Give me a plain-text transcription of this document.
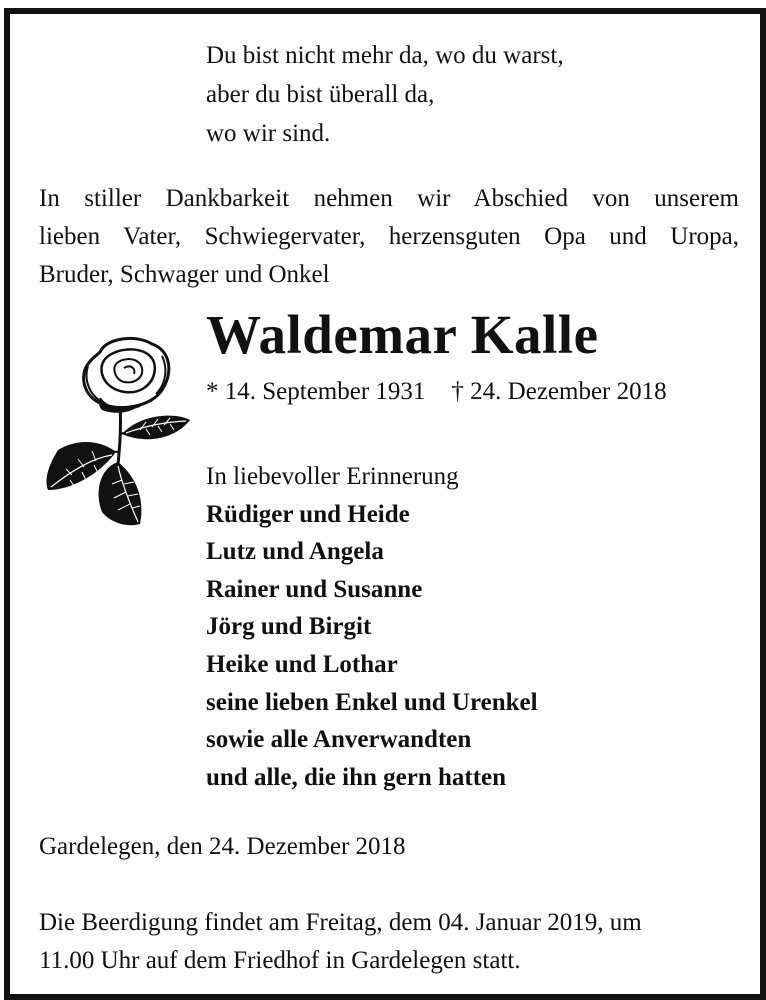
Du bist nicht mehr da, wo du warst,
aber du bist überall da,
wo wir sind.
In stiller Dankbarkeit nehmen wir Abschied von unserem
lieben Vater, Schwiegervater, herzensguten Opa und Uropa,
Bruder, Schwager und Onkel
Waldemar Kalle
* 14. September 1931 † 24. Dezember 2018
In liebevoller Erinnerung
Rüdiger und Heide
Lutz und Angela
Rainer und Susanne
Jörg und Birgit
Heike und Lothar
seine lieben Enkel und Urenkel
sowie alle Anverwandten
und alle, die ihn gern hatten
Gardelegen, den 24. Dezember 2018
Die Beerdigung findet am Freitag, dem 04. Januar 2019, um
11.00 Uhr auf dem Friedhof in Gardelegen statt.
